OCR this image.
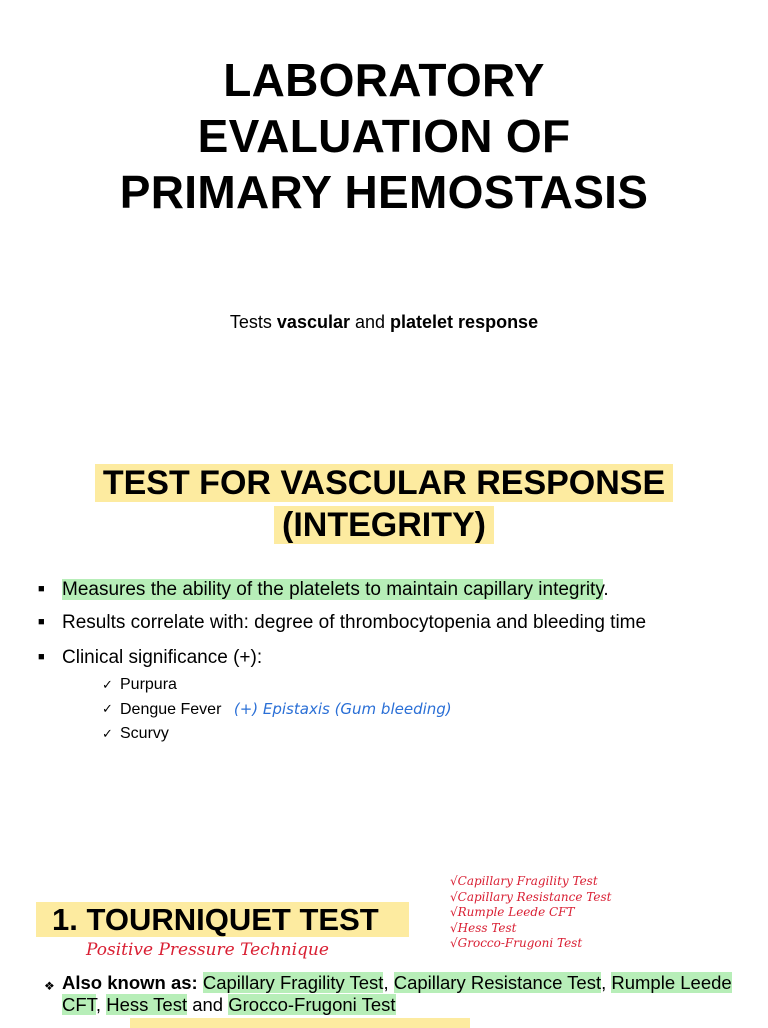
LABORATORY
EVALUATION OF
PRIMARY HEMOSTASIS

Tests vascular and platelet response

TEST FOR VASCULAR RESPONSE
(INTEGRITY)
■ Measures the ability of the platelets to maintain capillary integrity.
■ Results correlate with: degree of thrombocytopenia and bleeding time
■ Clinical significance (+):
✓ Purpura
✓ Dengue Fever (+) Epistaxis (Gum bleeding)
✓ Scurvy
√Capillary Fragility Test
√Capillary Resistance Test
√Rumple Leede CFT
√Hess Test
√Grocco-Frugoni Test
1. TOURNIQUET TEST
Positive Pressure Technique

❖ Also known as: Capillary Fragility Test, Capillary Resistance Test, Rumple Leede CFT, Hess Test and Grocco-Frugoni Test
